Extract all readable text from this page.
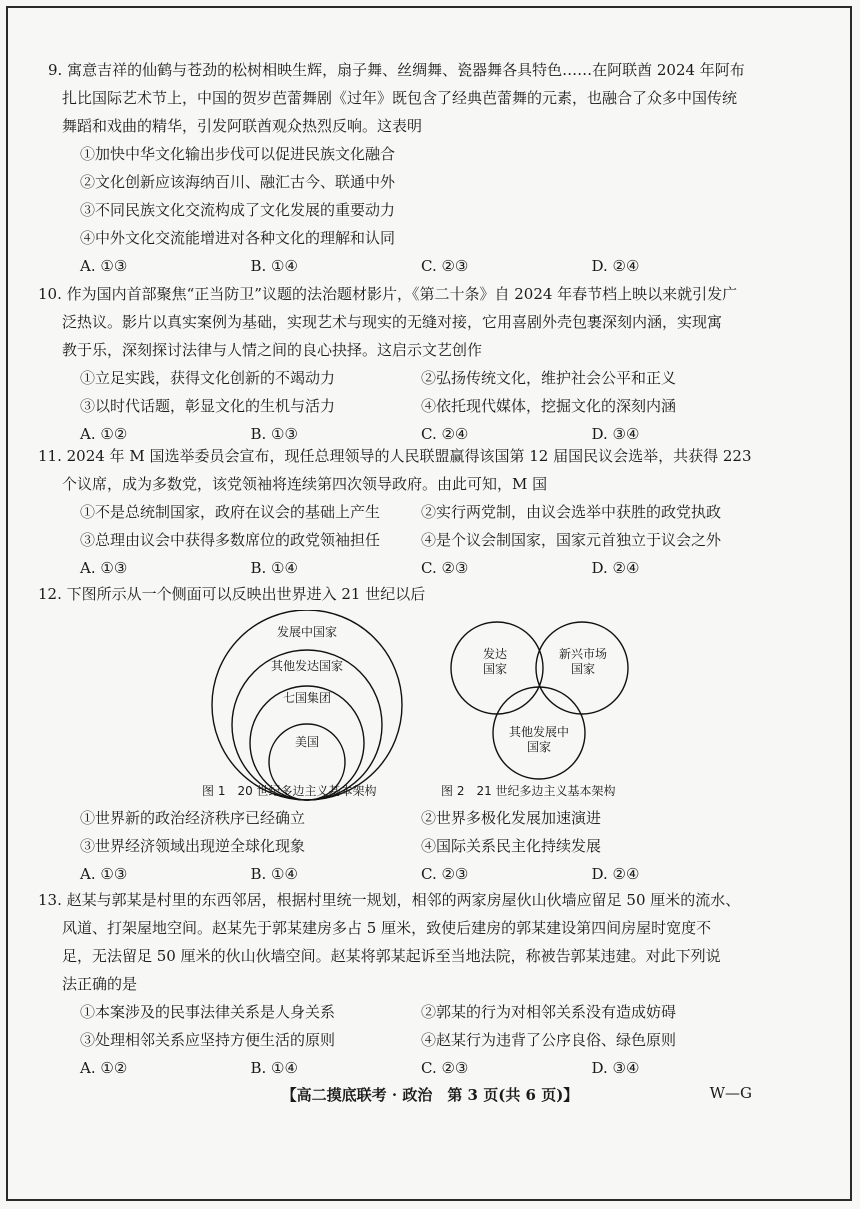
9. 寓意吉祥的仙鹤与苍劲的松树相映生辉，扇子舞、丝绸舞、瓷器舞各具特色……在阿联酋 2024 年阿布
扎比国际艺术节上，中国的贺岁芭蕾舞剧《过年》既包含了经典芭蕾舞的元素，也融合了众多中国传统
舞蹈和戏曲的精华，引发阿联酋观众热烈反响。这表明
①加快中华文化输出步伐可以促进民族文化融合
②文化创新应该海纳百川、融汇古今、联通中外
③不同民族文化交流构成了文化发展的重要动力
④中外文化交流能增进对各种文化的理解和认同
A. ①③	B. ①④	C. ②③	D. ②④
10. 作为国内首部聚焦“正当防卫”议题的法治题材影片，《第二十条》自 2024 年春节档上映以来就引发广
泛热议。影片以真实案例为基础，实现艺术与现实的无缝对接，它用喜剧外壳包裹深刻内涵，实现寓
教于乐，深刻探讨法律与人情之间的良心抉择。这启示文艺创作
①立足实践，获得文化创新的不竭动力	②弘扬传统文化，维护社会公平和正义
③以时代话题，彰显文化的生机与活力	④依托现代媒体，挖掘文化的深刻内涵
A. ①②	B. ①③	C. ②④	D. ③④
11. 2024 年 M 国选举委员会宣布，现任总理领导的人民联盟赢得该国第 12 届国民议会选举，共获得 223
个议席，成为多数党，该党领袖将连续第四次领导政府。由此可知，M 国
①不是总统制国家，政府在议会的基础上产生	②实行两党制，由议会选举中获胜的政党执政
③总理由议会中获得多数席位的政党领袖担任	④是个议会制国家，国家元首独立于议会之外
A. ①③	B. ①④	C. ②③	D. ②④
12. 下图所示从一个侧面可以反映出世界进入 21 世纪以后
发展中国家
其他发达国家
七国集团
美国
发达
国家
新兴市场
国家
其他发展中
国家
图 1　20 世纪多边主义基本架构	图 2　21 世纪多边主义基本架构
①世界新的政治经济秩序已经确立	②世界多极化发展加速演进
③世界经济领域出现逆全球化现象	④国际关系民主化持续发展
A. ①③	B. ①④	C. ②③	D. ②④
13. 赵某与郭某是村里的东西邻居，根据村里统一规划，相邻的两家房屋伙山伙墙应留足 50 厘米的流水、
风道、打架屋地空间。赵某先于郭某建房多占 5 厘米，致使后建房的郭某建设第四间房屋时宽度不
足，无法留足 50 厘米的伙山伙墙空间。赵某将郭某起诉至当地法院，称被告郭某违建。对此下列说
法正确的是
①本案涉及的民事法律关系是人身关系	②郭某的行为对相邻关系没有造成妨碍
③处理相邻关系应坚持方便生活的原则	④赵某行为违背了公序良俗、绿色原则
A. ①②	B. ①④	C. ②③	D. ③④
【高二摸底联考 · 政治　第 3 页(共 6 页)】	W—G
